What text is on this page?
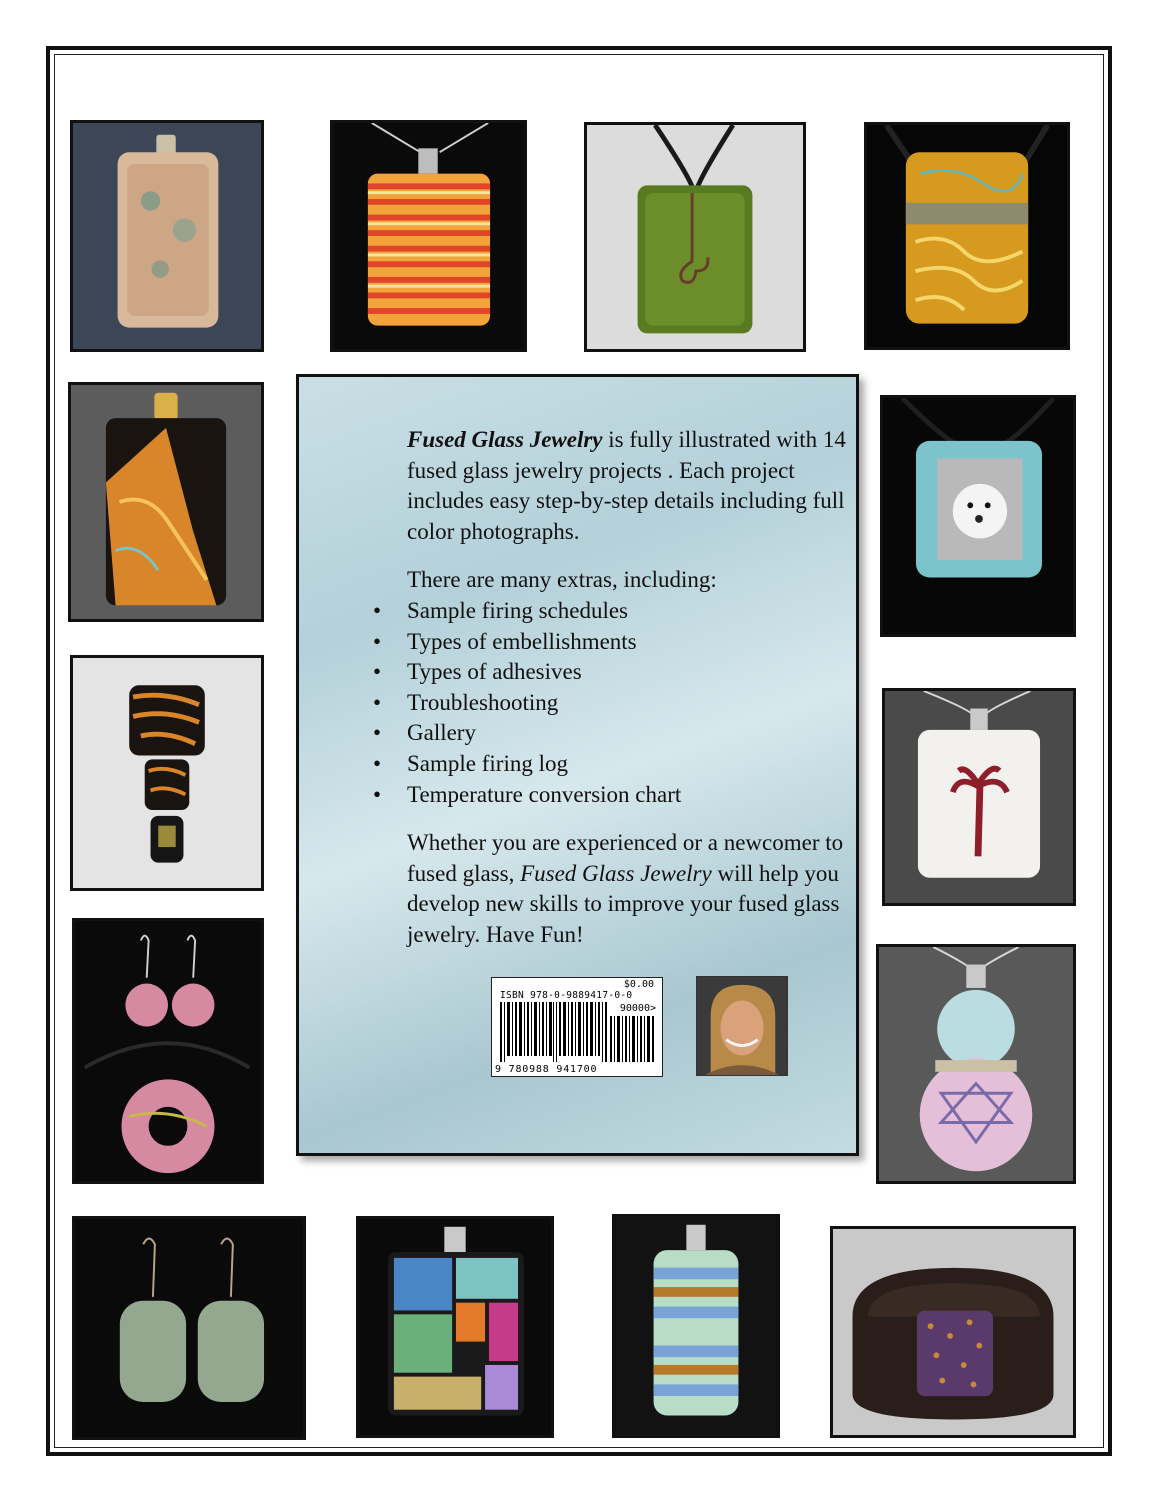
Fused Glass Jewelry is fully illustrated with 14 fused glass jewelry projects . Each project includes easy step-by-step details including full color photographs.

There are many extras, including:

• Sample firing schedules
• Types of embellishments
• Types of adhesives
• Troubleshooting
• Gallery
• Sample firing log
• Temperature conversion chart

Whether you are experienced or a newcomer to fused glass, Fused Glass Jewelry will help you develop new skills to improve your fused glass jewelry. Have Fun!

$0.00
ISBN 978-0-9889417-0-0
90000>
9 780988 941700
